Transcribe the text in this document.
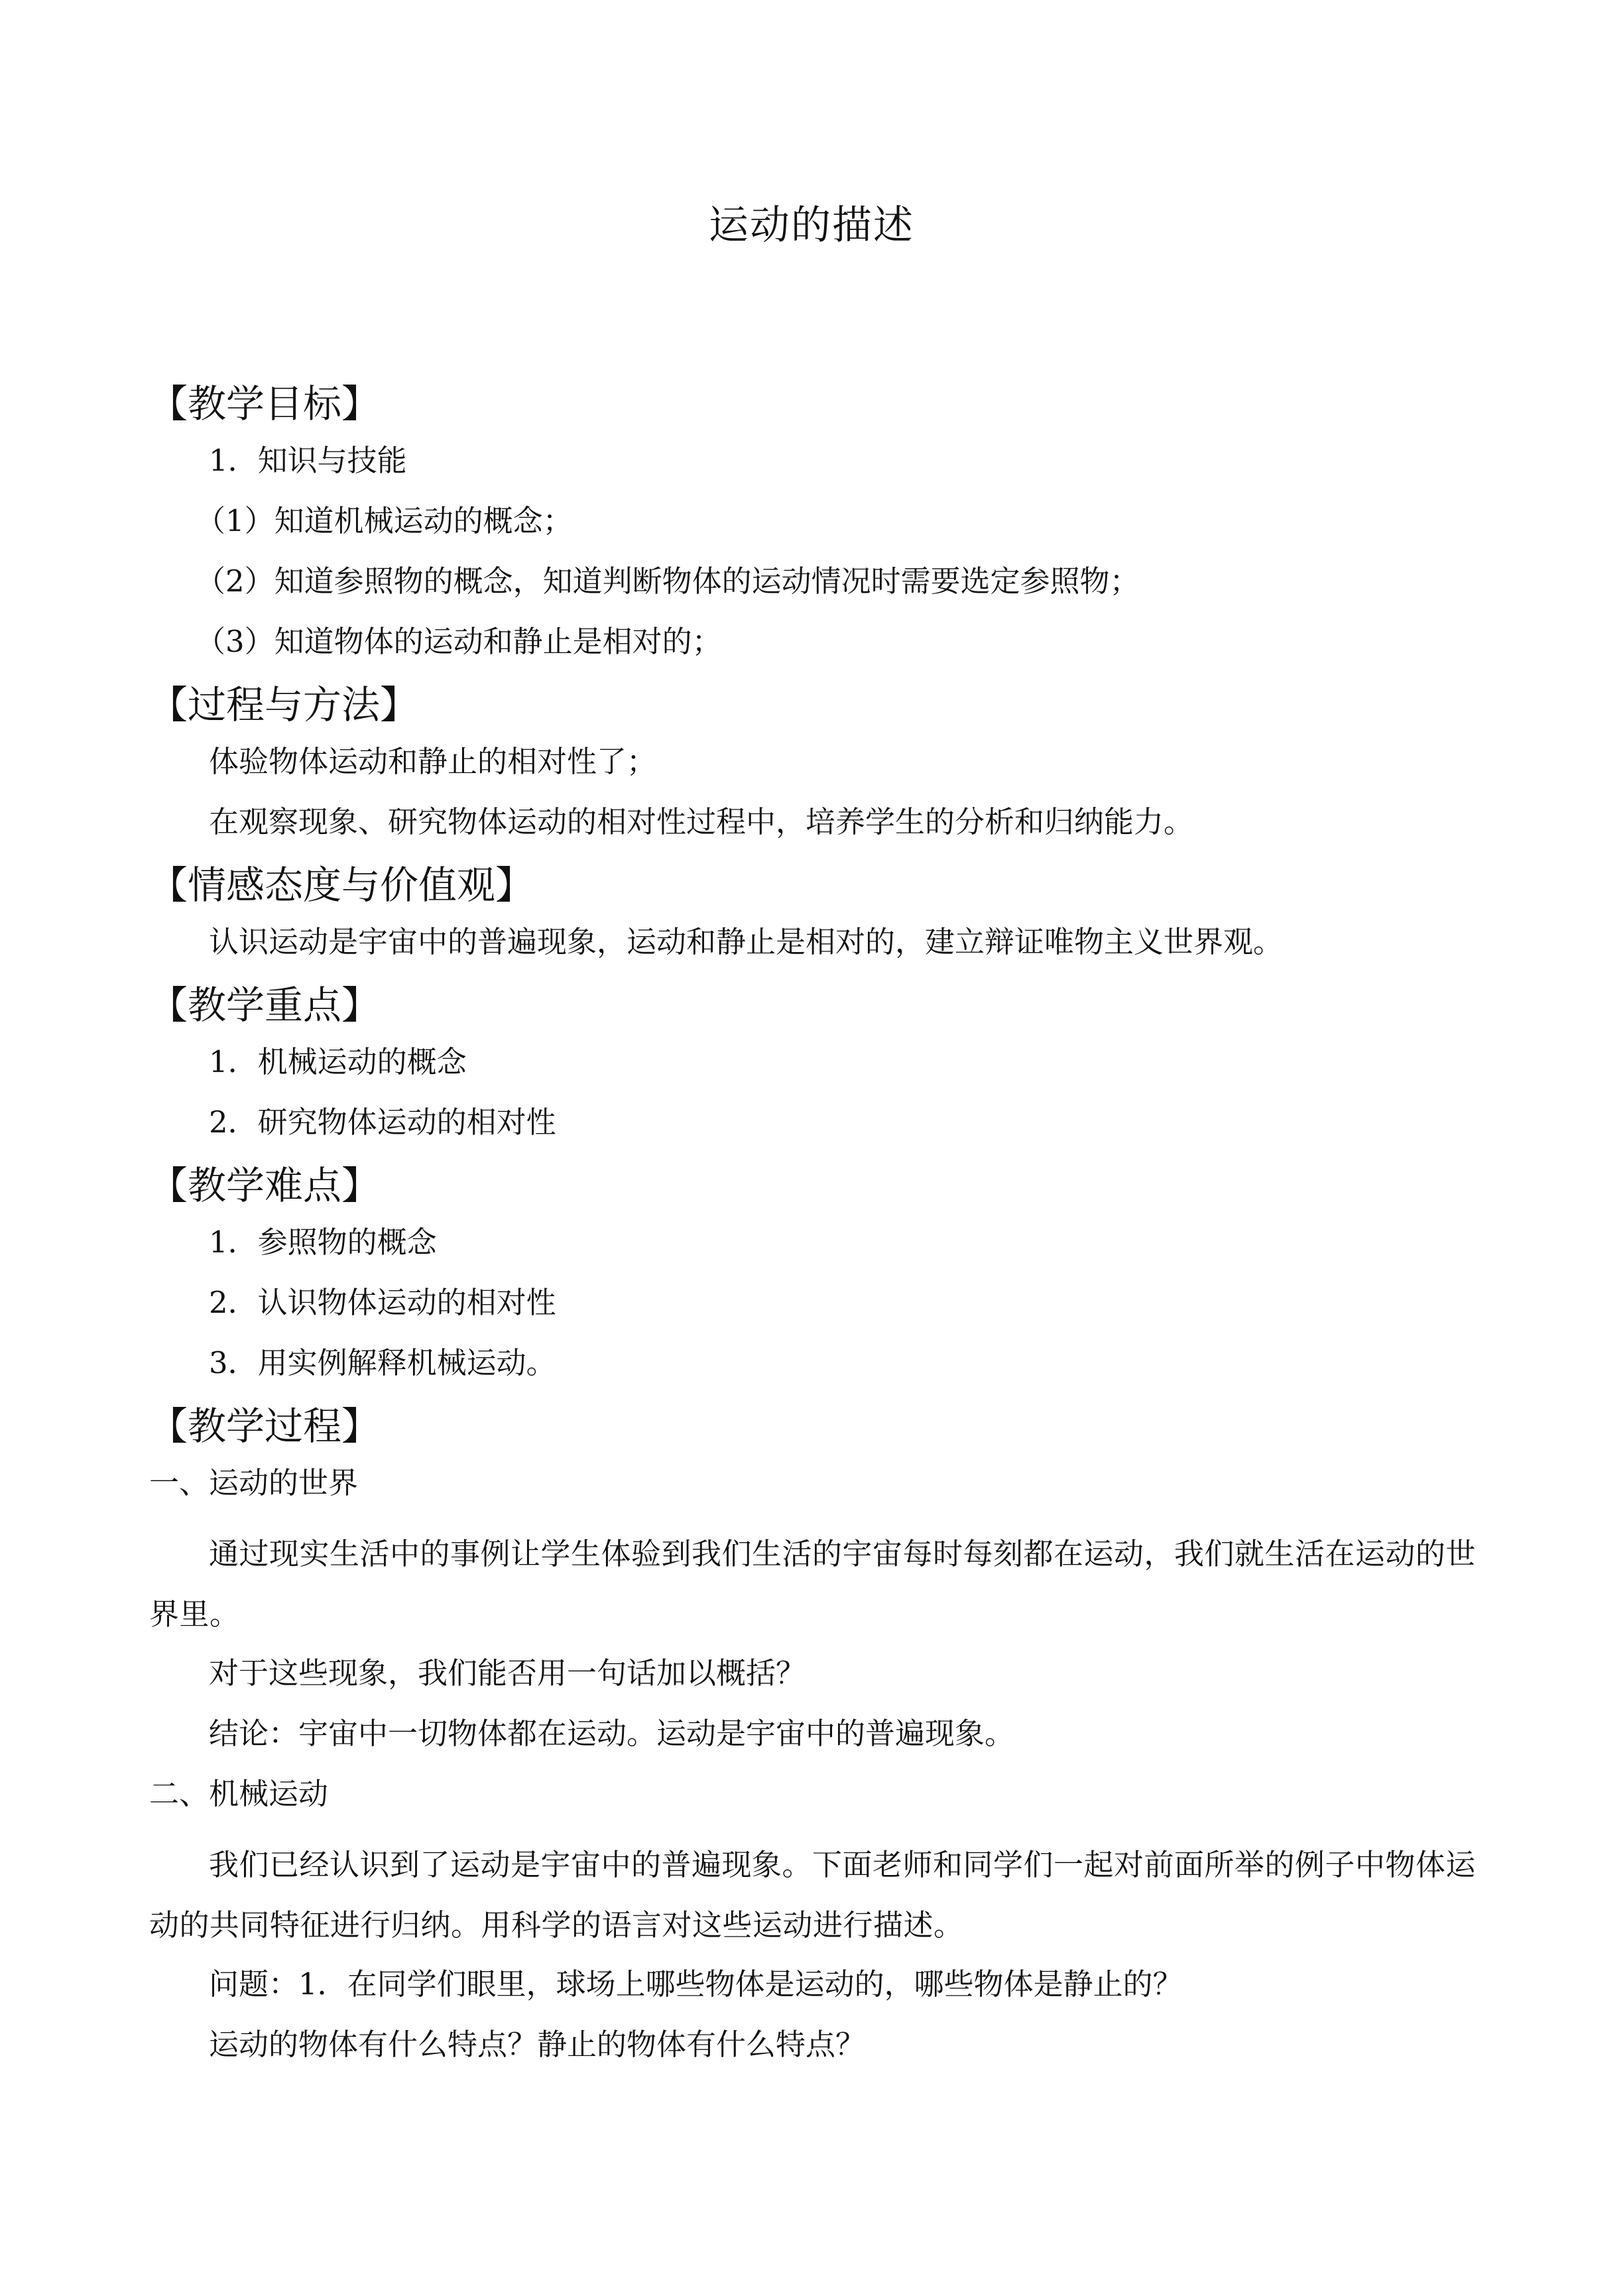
运动的描述
【教学目标】
1．知识与技能
（1）知道机械运动的概念；
（2）知道参照物的概念，知道判断物体的运动情况时需要选定参照物；
（3）知道物体的运动和静止是相对的；
【过程与方法】
体验物体运动和静止的相对性了；
在观察现象、研究物体运动的相对性过程中，培养学生的分析和归纳能力。
【情感态度与价值观】
认识运动是宇宙中的普遍现象，运动和静止是相对的，建立辩证唯物主义世界观。
【教学重点】
1．机械运动的概念
2．研究物体运动的相对性
【教学难点】
1．参照物的概念
2．认识物体运动的相对性
3．用实例解释机械运动。
【教学过程】
一、运动的世界
通过现实生活中的事例让学生体验到我们生活的宇宙每时每刻都在运动，我们就生活在运动的世界里。
对于这些现象，我们能否用一句话加以概括？
结论：宇宙中一切物体都在运动。运动是宇宙中的普遍现象。
二、机械运动
我们已经认识到了运动是宇宙中的普遍现象。下面老师和同学们一起对前面所举的例子中物体运动的共同特征进行归纳。用科学的语言对这些运动进行描述。
问题：1．在同学们眼里，球场上哪些物体是运动的，哪些物体是静止的？
运动的物体有什么特点？静止的物体有什么特点？
